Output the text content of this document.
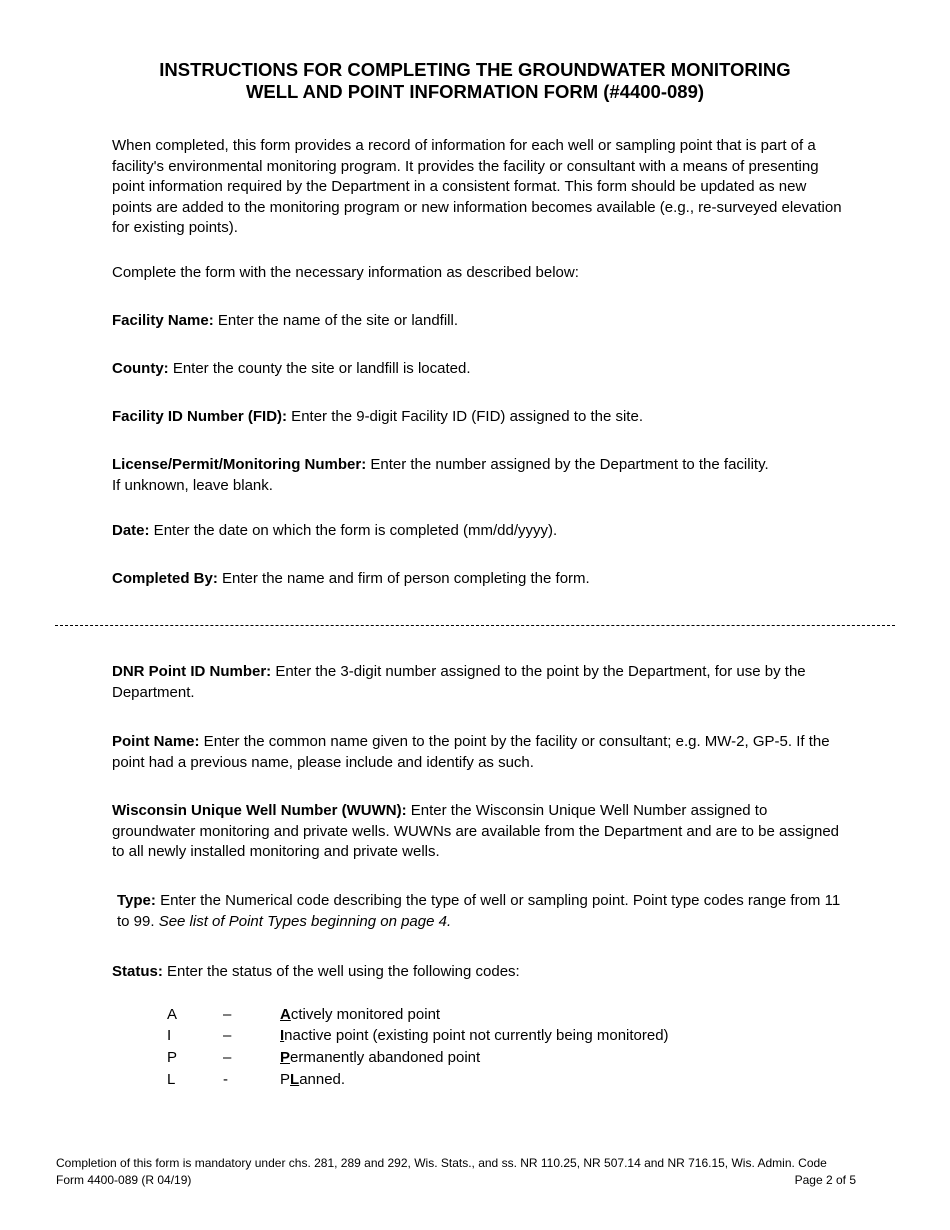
INSTRUCTIONS FOR COMPLETING THE GROUNDWATER MONITORING
WELL AND POINT INFORMATION FORM (#4400-089)

When completed, this form provides a record of information for each well or sampling point that is part of a facility's environmental monitoring program. It provides the facility or consultant with a means of presenting point information required by the Department in a consistent format. This form should be updated as new points are added to the monitoring program or new information becomes available (e.g., re-surveyed elevation for existing points).

Complete the form with the necessary information as described below:

Facility Name: Enter the name of the site or landfill.

County: Enter the county the site or landfill is located.

Facility ID Number (FID): Enter the 9-digit Facility ID (FID) assigned to the site.

License/Permit/Monitoring Number: Enter the number assigned by the Department to the facility.
If unknown, leave blank.

Date: Enter the date on which the form is completed (mm/dd/yyyy).

Completed By: Enter the name and firm of person completing the form.

DNR Point ID Number: Enter the 3-digit number assigned to the point by the Department, for use by the Department.

Point Name: Enter the common name given to the point by the facility or consultant; e.g. MW-2, GP-5. If the point had a previous name, please include and identify as such.

Wisconsin Unique Well Number (WUWN): Enter the Wisconsin Unique Well Number assigned to groundwater monitoring and private wells. WUWNs are available from the Department and are to be assigned to all newly installed monitoring and private wells.

Type: Enter the Numerical code describing the type of well or sampling point. Point type codes range from 11 to 99. See list of Point Types beginning on page 4.

Status: Enter the status of the well using the following codes:

A	–	Actively monitored point
I	–	Inactive point (existing point not currently being monitored)
P	–	Permanently abandoned point
L	-	PLanned.
Completion of this form is mandatory under chs. 281, 289 and 292, Wis. Stats., and ss. NR 110.25, NR 507.14 and NR 716.15, Wis. Admin. Code
Form 4400-089 (R 04/19)	Page 2 of 5
